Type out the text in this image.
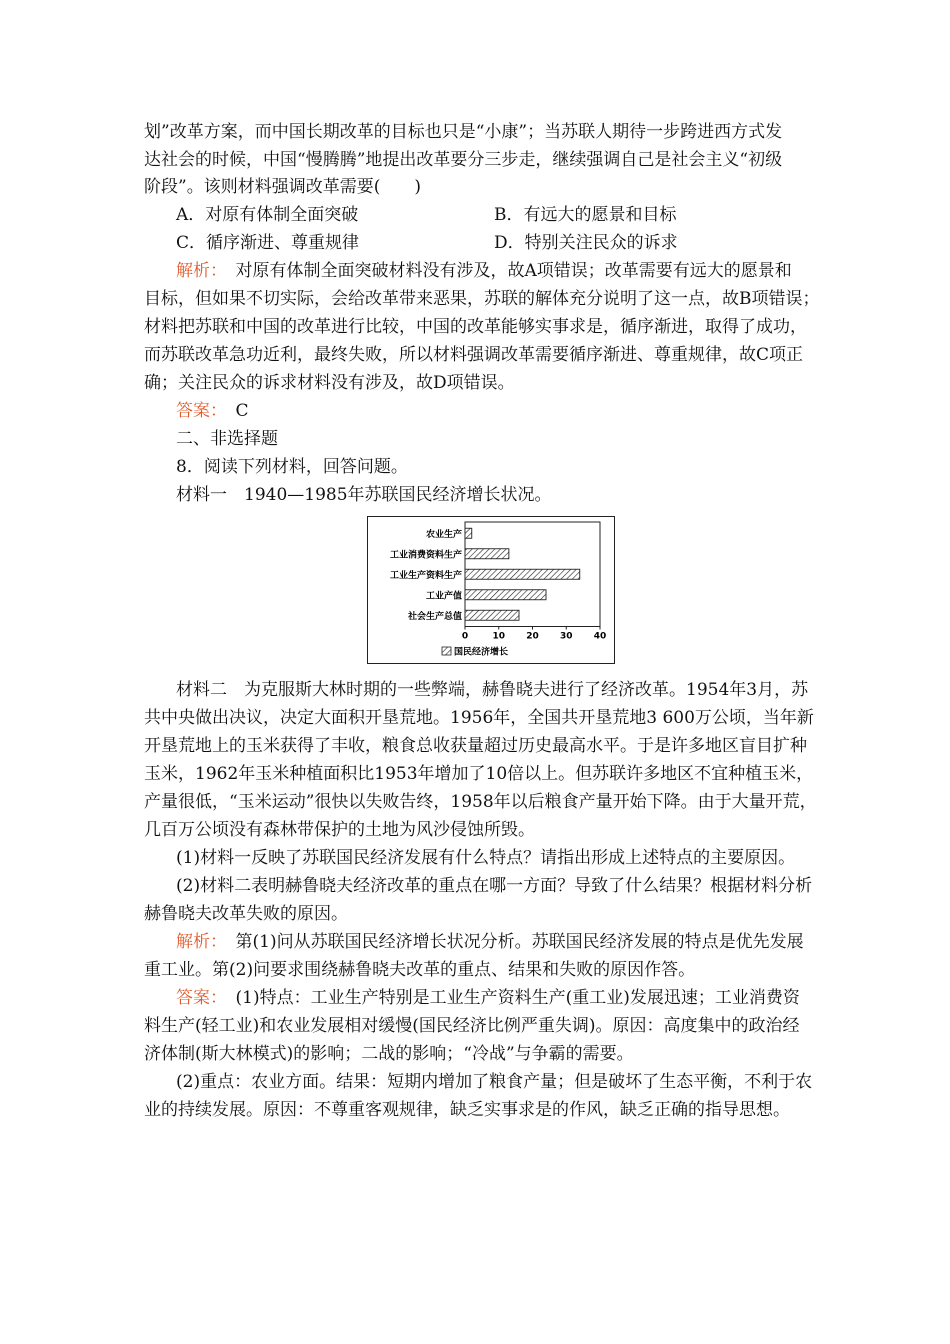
划”改革方案，而中国长期改革的目标也只是“小康”；当苏联人期待一步跨进西方式发
达社会的时候，中国“慢腾腾”地提出改革要分三步走，继续强调自己是社会主义“初级
阶段”。该则材料强调改革需要(　　)
A．对原有体制全面突破	B．有远大的愿景和目标
C．循序渐进、尊重规律	D．特别关注民众的诉求
解析：　对原有体制全面突破材料没有涉及，故A项错误；改革需要有远大的愿景和
目标，但如果不切实际，会给改革带来恶果，苏联的解体充分说明了这一点，故B项错误；
材料把苏联和中国的改革进行比较，中国的改革能够实事求是，循序渐进，取得了成功，
而苏联改革急功近利，最终失败，所以材料强调改革需要循序渐进、尊重规律，故C项正
确；关注民众的诉求材料没有涉及，故D项错误。
答案：　C
二、非选择题
8．阅读下列材料，回答问题。
材料一　1940—1985年苏联国民经济增长状况。
农业生产
工业消费资料生产
工业生产资料生产
工业产值
社会生产总值
0	10 20 30 40
国民经济增长
材料二　为克服斯大林时期的一些弊端，赫鲁晓夫进行了经济改革。1954年3月，苏
共中央做出决议，决定大面积开垦荒地。1956年，全国共开垦荒地3 600万公顷，当年新
开垦荒地上的玉米获得了丰收，粮食总收获量超过历史最高水平。于是许多地区盲目扩种
玉米，1962年玉米种植面积比1953年增加了10倍以上。但苏联许多地区不宜种植玉米，
产量很低，“玉米运动”很快以失败告终，1958年以后粮食产量开始下降。由于大量开荒，
几百万公顷没有森林带保护的土地为风沙侵蚀所毁。
(1)材料一反映了苏联国民经济发展有什么特点？请指出形成上述特点的主要原因。
(2)材料二表明赫鲁晓夫经济改革的重点在哪一方面？导致了什么结果？根据材料分析
赫鲁晓夫改革失败的原因。
解析：　第(1)问从苏联国民经济增长状况分析。苏联国民经济发展的特点是优先发展
重工业。第(2)问要求围绕赫鲁晓夫改革的重点、结果和失败的原因作答。
答案：　(1)特点：工业生产特别是工业生产资料生产(重工业)发展迅速；工业消费资
料生产(轻工业)和农业发展相对缓慢(国民经济比例严重失调)。原因：高度集中的政治经
济体制(斯大林模式)的影响；二战的影响；“冷战”与争霸的需要。
(2)重点：农业方面。结果：短期内增加了粮食产量；但是破坏了生态平衡，不利于农
业的持续发展。原因：不尊重客观规律，缺乏实事求是的作风，缺乏正确的指导思想。
